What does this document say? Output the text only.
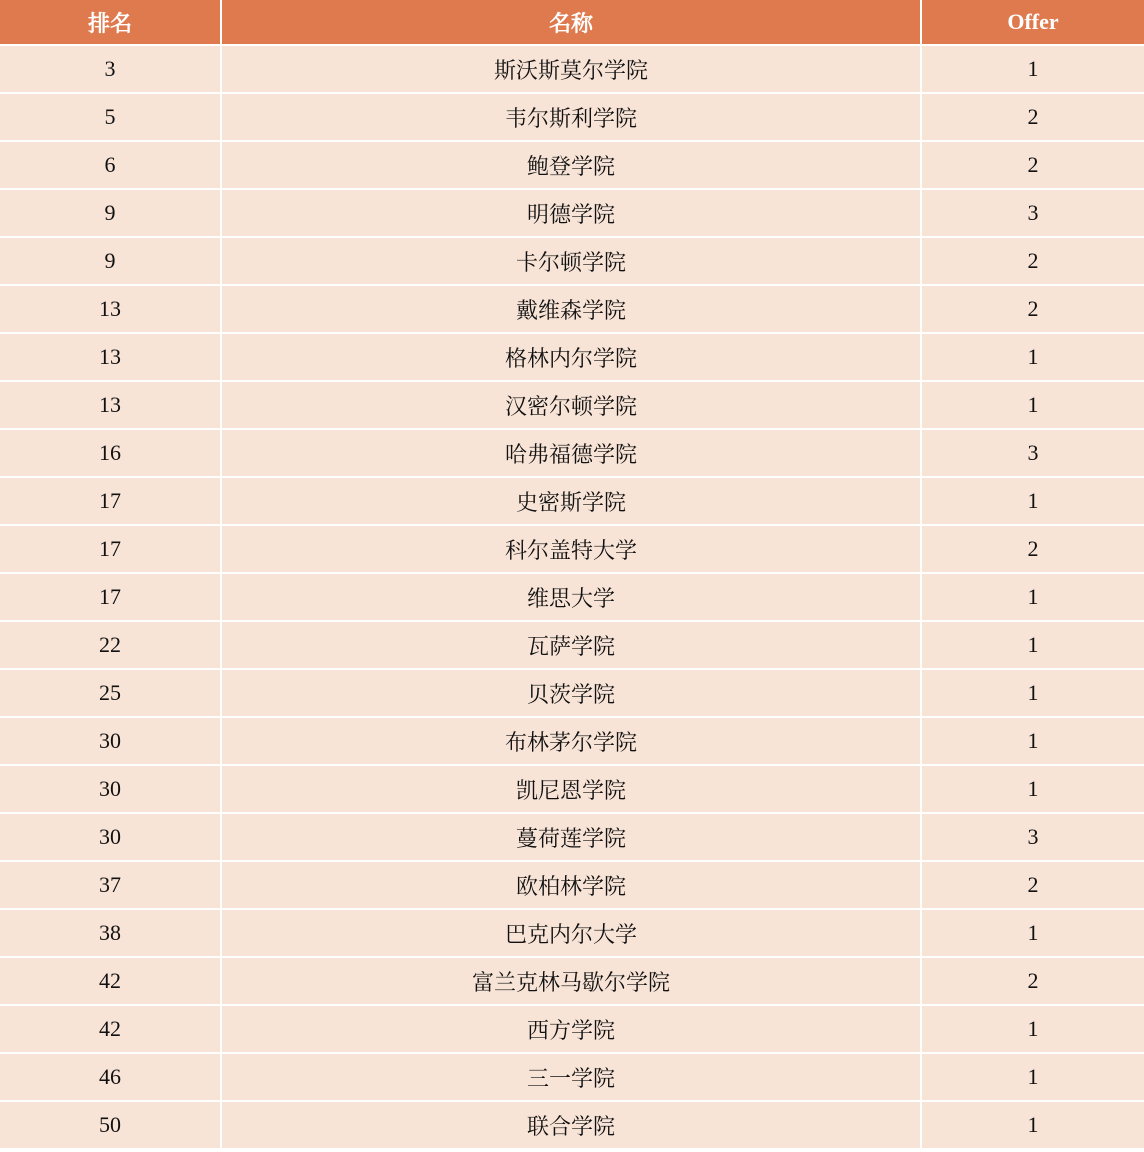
排名	名称	Offer
3	斯沃斯莫尔学院	1
5	韦尔斯利学院	2
6	鲍登学院	2
9	明德学院	3
9	卡尔顿学院	2
13	戴维森学院	2
13	格林内尔学院	1
13	汉密尔顿学院	1
16	哈弗福德学院	3
17	史密斯学院	1
17	科尔盖特大学	2
17	维思大学	1
22	瓦萨学院	1
25	贝茨学院	1
30	布林茅尔学院	1
30	凯尼恩学院	1
30	蔓荷莲学院	3
37	欧柏林学院	2
38	巴克内尔大学	1
42	富兰克林马歇尔学院	2
42	西方学院	1
46	三一学院	1
50	联合学院	1
